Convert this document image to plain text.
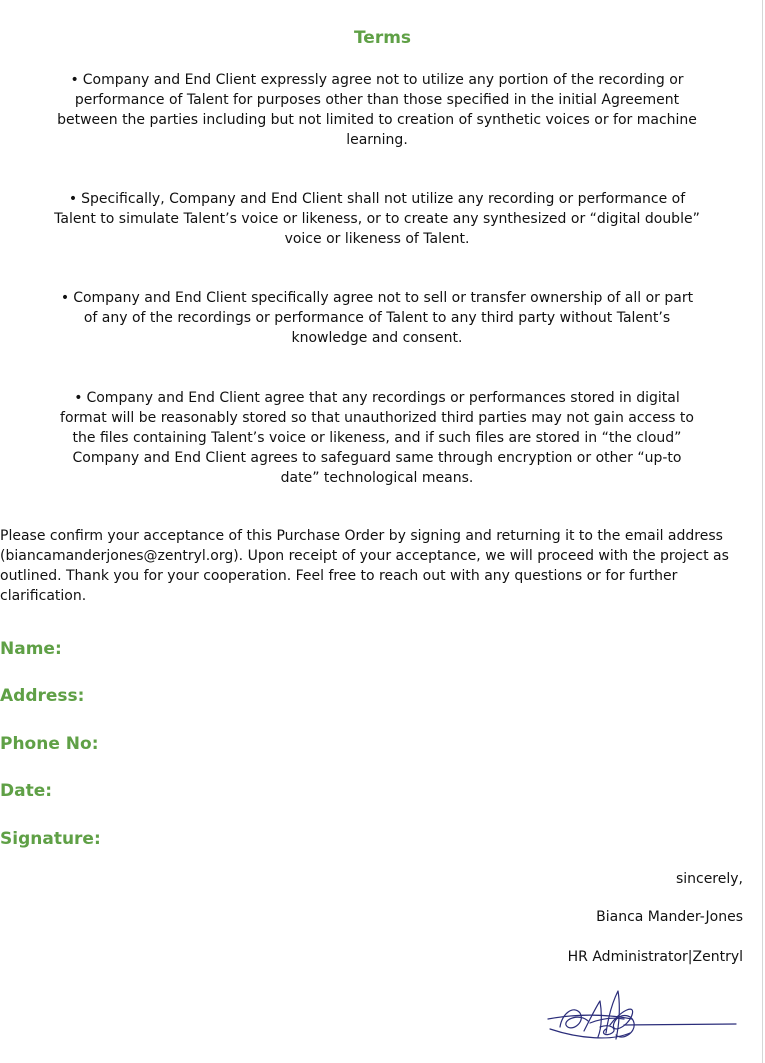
Terms
• Company and End Client expressly agree not to utilize any portion of the recording or performance of Talent for purposes other than those specified in the initial Agreement between the parties including but not limited to creation of synthetic voices or for machine learning.
• Specifically, Company and End Client shall not utilize any recording or performance of Talent to simulate Talent’s voice or likeness, or to create any synthesized or “digital double” voice or likeness of Talent.
• Company and End Client specifically agree not to sell or transfer ownership of all or part of any of the recordings or performance of Talent to any third party without Talent’s knowledge and consent.
• Company and End Client agree that any recordings or performances stored in digital format will be reasonably stored so that unauthorized third parties may not gain access to the files containing Talent’s voice or likeness, and if such files are stored in “the cloud” Company and End Client agrees to safeguard same through encryption or other “up-to date” technological means.
Please confirm your acceptance of this Purchase Order by signing and returning it to the email address (biancamanderjones@zentryl.org). Upon receipt of your acceptance, we will proceed with the project as outlined. Thank you for your cooperation. Feel free to reach out with any questions or for further clarification.
Name:
Address:
Phone No:
Date:
Signature:
sincerely,
Bianca Mander-Jones
HR Administrator|Zentryl
